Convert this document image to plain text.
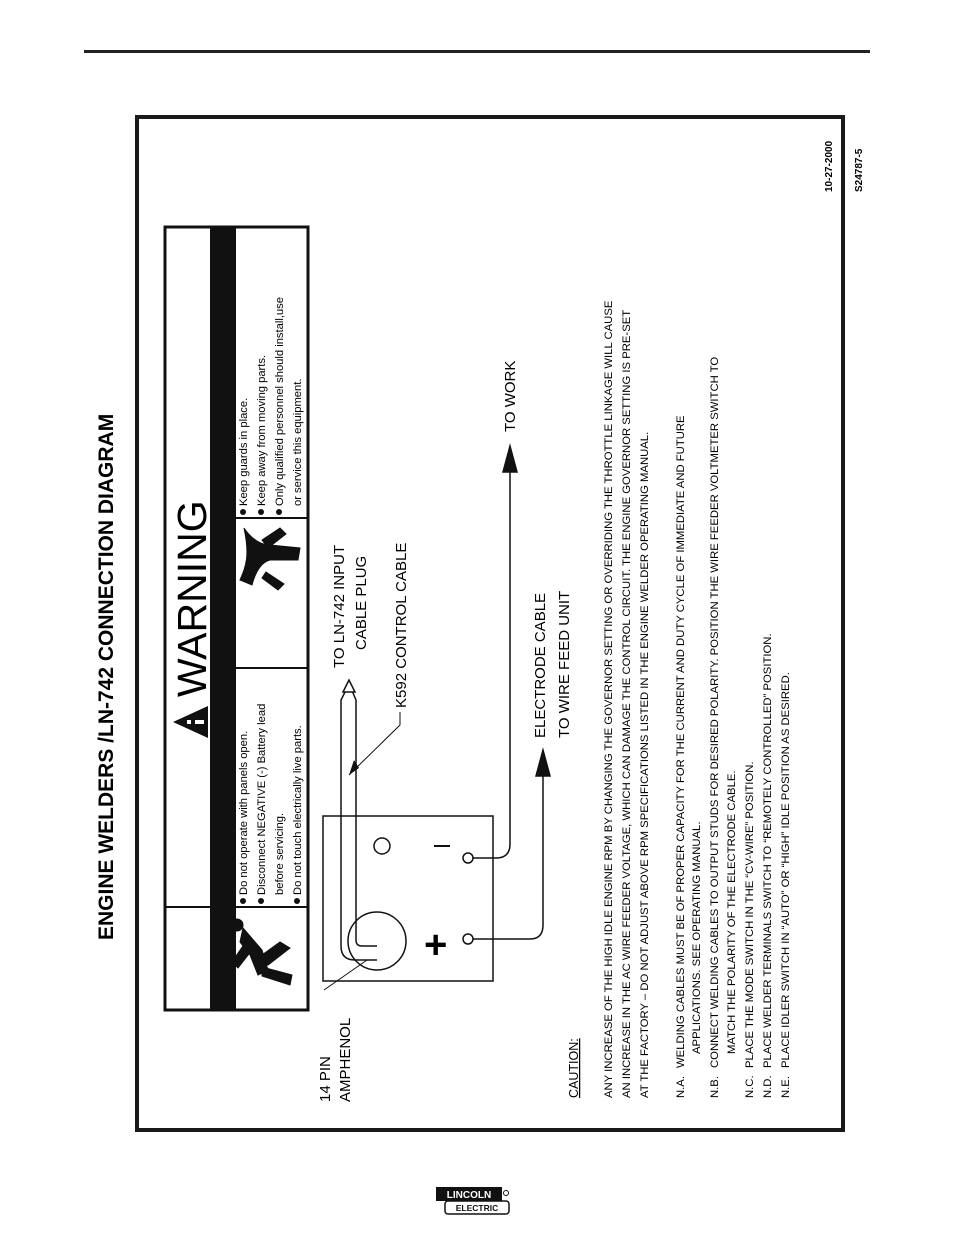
ENGINE WELDERS /LN-742 CONNECTION DIAGRAM
10-27-2000 S24787-5
WARNING
Do not operate with panels open. Disconnect NEGATIVE (-) Battery lead before servicing. Do not touch electrically live parts.
Keep guards in place. Keep away from moving parts. Only qualified personnel should install,use or service this equipment.
+
14 PIN AMPHENOL
TO LN-742 INPUT CABLE PLUG K592 CONTROL CABLE
TO WORK
ELECTRODE CABLE TO WIRE FEED UNIT
CAUTION: ANY INCREASE OF THE HIGH IDLE ENGINE RPM BY CHANGING THE GOVERNOR SETTING OR OVERRIDING THE THROTTLE LINKAGE WILL CAUSE AN INCREASE IN THE AC WIRE FEEDER VOLTAGE, WHICH CAN DAMAGE THE CONTROL CIRCUIT. THE ENGINE GOVERNOR SETTING IS PRE-SET AT THE FACTORY – DO NOT ADJUST ABOVE RPM SPECIFICATIONS LISTED IN THE ENGINE WELDER OPERATING MANUAL. N.A.
WELDING CABLES MUST BE OF PROPER CAPACITY FOR THE CURRENT AND DUTY CYCLE OF IMMEDIATE AND FUTURE APPLICATIONS. SEE OPERATING MANUAL.
N.B.
CONNECT WELDING CABLES TO OUTPUT STUDS FOR DESIRED POLARITY. POSITION THE WIRE FEEDER VOLTMETER SWITCH TO MATCH THE POLARITY OF THE ELECTRODE CABLE.
N.C.
PLACE THE MODE SWITCH IN THE “CV-WIRE” POSITION.
N.D.
PLACE WELDER TERMINALS SWITCH TO “REMOTELY CONTROLLED” POSITION.
N.E.
PLACE IDLER SWITCH IN “AUTO” OR “HIGH” IDLE POSITION AS DESIRED.
LINCOLN
ELECTRIC
